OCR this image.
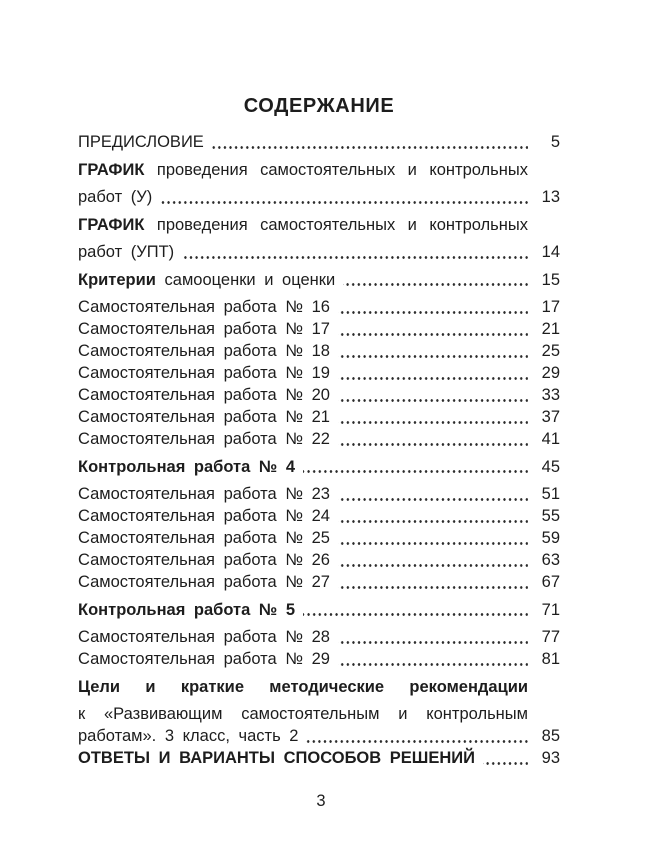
СОДЕРЖАНИЕ
ПРЕДИСЛОВИЕ	5
ГРАФИК проведения самостоятельных и контрольных
работ (У)	13
ГРАФИК проведения самостоятельных и контрольных
работ (УПТ)	14
Критерии самооценки и оценки	15
Самостоятельная работа № 16	17
Самостоятельная работа № 17	21
Самостоятельная работа № 18	25
Самостоятельная работа № 19	29
Самостоятельная работа № 20	33
Самостоятельная работа № 21	37
Самостоятельная работа № 22	41
Контрольная работа № 4	45
Самостоятельная работа № 23	51
Самостоятельная работа № 24	55
Самостоятельная работа № 25	59
Самостоятельная работа № 26	63
Самостоятельная работа № 27	67
Контрольная работа № 5	71
Самостоятельная работа № 28	77
Самостоятельная работа № 29	81
Цели и краткие методические рекомендации
к «Развивающим самостоятельным и контрольным
работам». 3 класс, часть 2	85
ОТВЕТЫ И ВАРИАНТЫ СПОСОБОВ РЕШЕНИЙ	93
3
